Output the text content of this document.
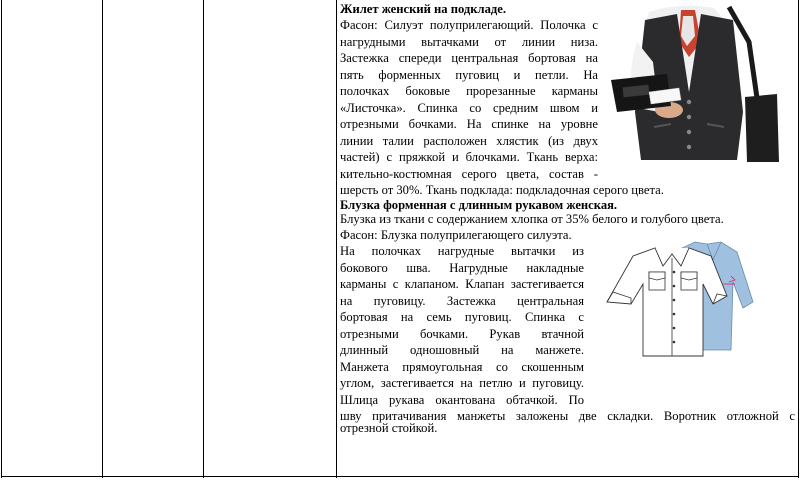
Жилет женский на подкладе.
Фасон: Силуэт полуприлегающий. Полочка с
нагрудными вытачками от линии низа.
Застежка спереди центральная бортовая на
пять форменных пуговиц и петли. На
полочках боковые прорезанные карманы
«Листочка». Спинка со средним швом и
отрезными бочками. На спинке на уровне
линии талии расположен хлястик (из двух
частей) с пряжкой и блочками. Ткань верха:
кительно-костюмная серого цвета, состав -
шерсть от 30%. Ткань подклада: подкладочная серого цвета.
Блузка форменная с длинным рукавом женская.
Блузка из ткани с содержанием хлопка от 35% белого и голубого цвета.
Фасон: Блузка полуприлегающего силуэта.
На полочках нагрудные вытачки из
бокового шва. Нагрудные накладные
карманы с клапаном. Клапан застегивается
на пуговицу. Застежка центральная
бортовая на семь пуговиц. Спинка с
отрезными бочками. Рукав втачной
длинный одношовный на манжете.
Манжета прямоугольная со скошенным
углом, застегивается на петлю и пуговицу.
Шлица рукава окантована обтачкой. По
шву притачивания манжеты заложены две складки. Воротник отложной с
отрезной стойкой.
